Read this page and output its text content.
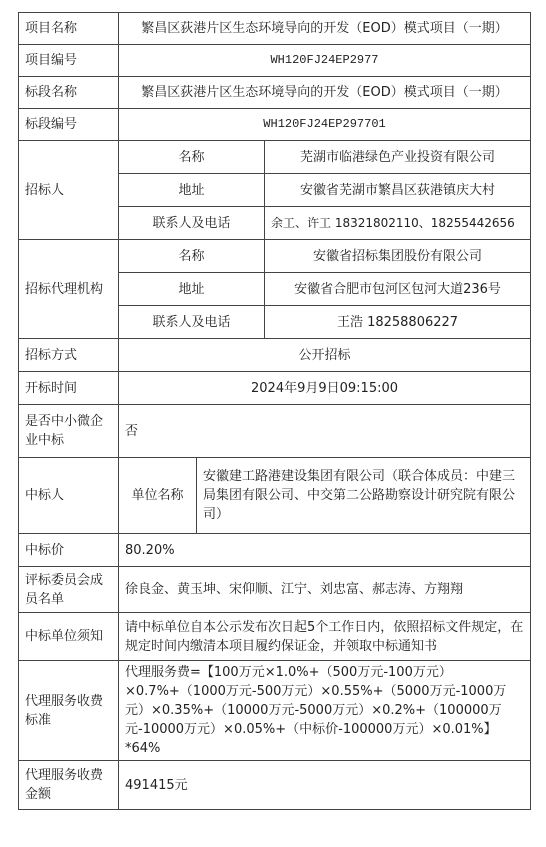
项目名称	繁昌区荻港片区生态环境导向的开发（EOD）模式项目（一期）		
项目编号	WH120FJ24EP2977		
标段名称	繁昌区荻港片区生态环境导向的开发（EOD）模式项目（一期）		
标段编号	WH120FJ24EP297701		
招标人	名称		芜湖市临港绿色产业投资有限公司
	地址		安徽省芜湖市繁昌区荻港镇庆大村
	联系人及电话		余工、许工 18321802110、18255442656
招标代理机构	名称		安徽省招标集团股份有限公司
	地址		安徽省合肥市包河区包河大道236号
	联系人及电话		王浩 18258806227
招标方式	公开招标		
开标时间	2024年9月9日09:15:00		
是否中小微企业中标	否		
中标人	单位名称	安徽建工路港建设集团有限公司（联合体成员：中建三局集团有限公司、中交第二公路勘察设计研究院有限公司）	
中标价	80.20%		
评标委员会成员名单	徐良金、黄玉坤、宋仰顺、江宁、刘忠富、郝志涛、方翔翔		
中标单位须知	请中标单位自本公示发布次日起5个工作日内，依照招标文件规定，在规定时间内缴清本项目履约保证金，并领取中标通知书		
代理服务收费标准	代理服务费=【100万元×1.0%+（500万元-100万元）×0.7%+（1000万元-500万元）×0.55%+（5000万元-1000万元）×0.35%+（10000万元-5000万元）×0.2%+（100000万元-10000万元）×0.05%+（中标价-100000万元）×0.01%】*64%		
代理服务收费金额	491415元		
